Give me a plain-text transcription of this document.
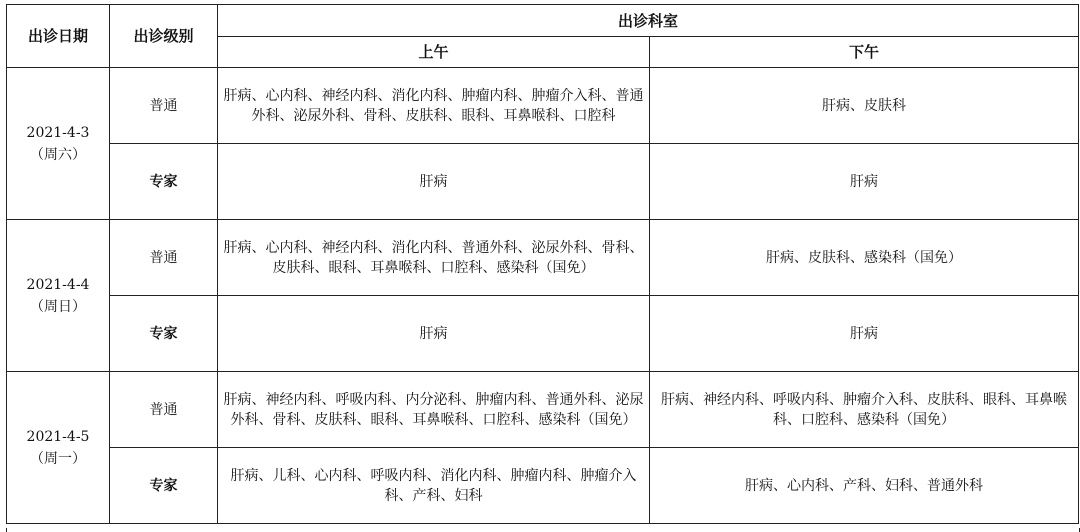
出诊日期	出诊级别	出诊科室	
		上午	下午

2021-4-3
（周六）	普通	肝病、心内科、神经内科、消化内科、肿瘤内科、肿瘤介入科、普通外科、泌尿外科、骨科、皮肤科、眼科、耳鼻喉科、口腔科	肝病、皮肤科
	专家	肝病	肝病

2021-4-4
（周日）	普通	肝病、心内科、神经内科、消化内科、普通外科、泌尿外科、骨科、皮肤科、眼科、耳鼻喉科、口腔科、感染科（国免）	肝病、皮肤科、感染科（国免）
	专家	肝病	肝病

2021-4-5
（周一）	普通	肝病、神经内科、呼吸内科、内分泌科、肿瘤内科、普通外科、泌尿外科、骨科、皮肤科、眼科、耳鼻喉科、口腔科、感染科（国免）	肝病、神经内科、呼吸内科、肿瘤介入科、皮肤科、眼科、耳鼻喉科、口腔科、感染科（国免）
	专家	肝病、儿科、心内科、呼吸内科、消化内科、肿瘤内科、肿瘤介入科、产科、妇科	肝病、心内科、产科、妇科、普通外科
